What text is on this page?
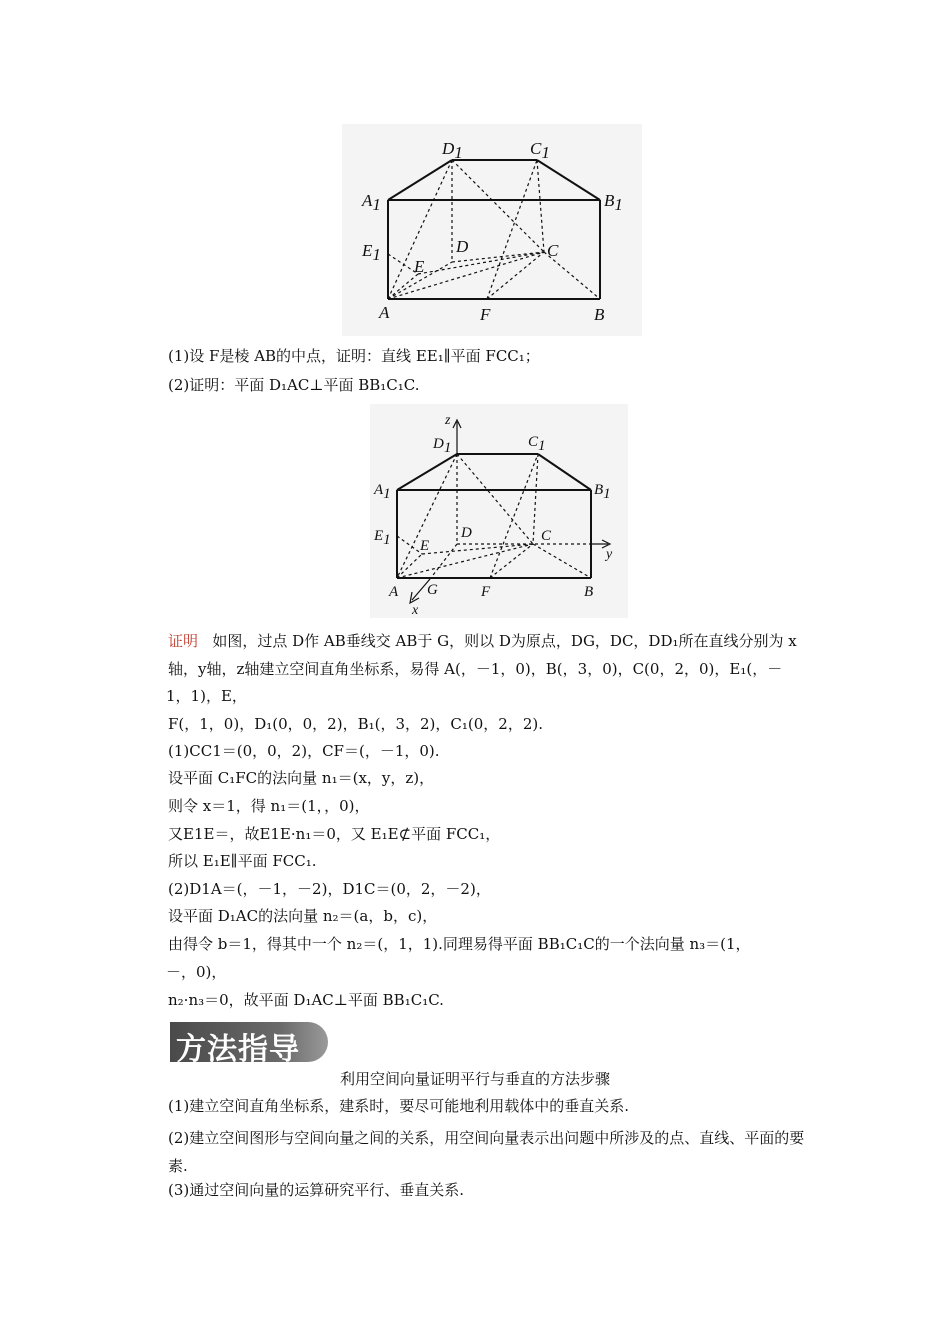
D1	C1
A1	B1
E1	D	C
E
A	F	B
(1)设 F是棱 AB的中点，证明：直线 EE₁∥平面 FCC₁；
(2)证明：平面 D₁AC⊥平面 BB₁C₁C.
z
y
x
D1	C1
A1	B1
E1	D	C
E
A G	F	B
证明 如图，过点 D作 AB垂线交 AB于 G，则以 D为原点，DG，DC，DD₁所在直线分别为 x
轴，y轴，z轴建立空间直角坐标系，易得 A(，－1，0)，B(，3，0)，C(0，2，0)，E₁(，－
1，1)，E，
F(，1，0)，D₁(0，0，2)，B₁(，3，2)，C₁(0，2，2).
(1)CC1＝(0，0，2)，CF＝(，－1，0).
设平面 C₁FC的法向量 n₁＝(x，y，z)，
则令 x＝1，得 n₁＝(1，，0)，
又E1E＝，故E1E·n₁＝0，又 E₁E⊄平面 FCC₁，
所以 E₁E∥平面 FCC₁.
(2)D1A＝(，－1，－2)，D1C＝(0，2，－2)，
设平面 D₁AC的法向量 n₂＝(a，b，c)，
由得令 b＝1，得其中一个 n₂＝(，1，1).同理易得平面 BB₁C₁C的一个法向量 n₃＝(1，
－，0)，
n₂·n₃＝0，故平面 D₁AC⊥平面 BB₁C₁C.
方法指导
利用空间向量证明平行与垂直的方法步骤
(1)建立空间直角坐标系，建系时，要尽可能地利用载体中的垂直关系.
(2)建立空间图形与空间向量之间的关系，用空间向量表示出问题中所涉及的点、直线、平面的要素.
(3)通过空间向量的运算研究平行、垂直关系.
